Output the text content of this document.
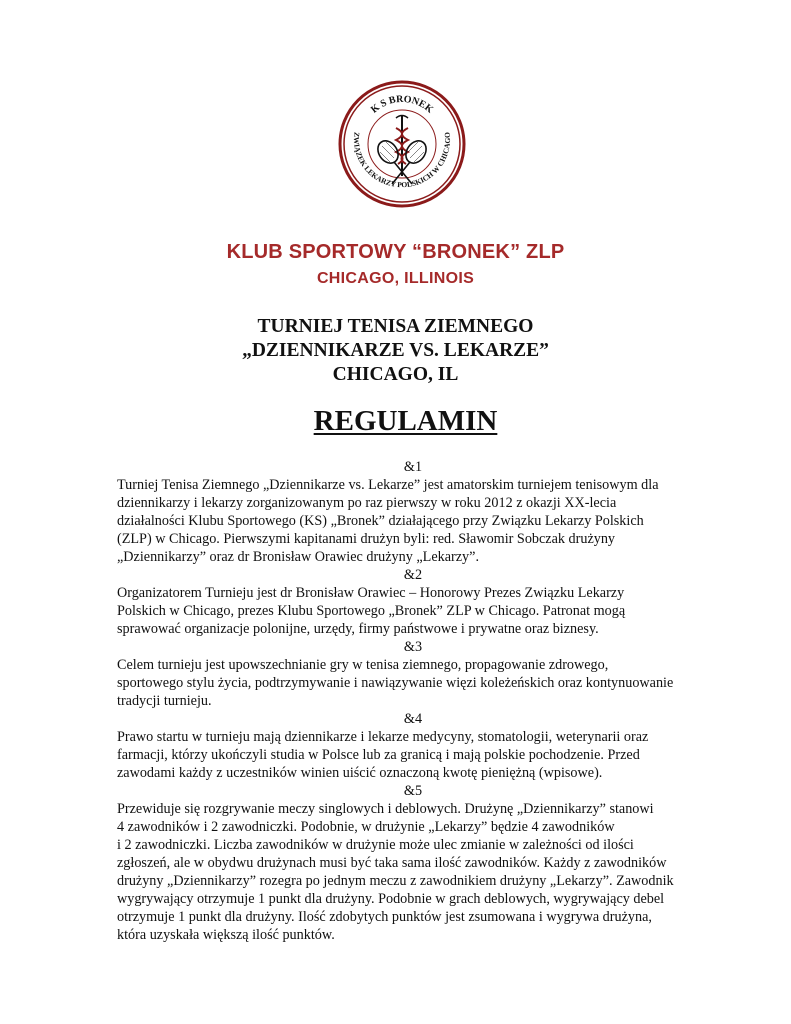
K S BRONEK
ZWIĄZEK LEKARZY POLSKICH W CHICAGO
KLUB SPORTOWY “BRONEK” ZLP
CHICAGO, ILLINOIS
TURNIEJ TENISA ZIEMNEGO
„DZIENNIKARZE VS. LEKARZE”
CHICAGO, IL
REGULAMIN
&1
Turniej Tenisa Ziemnego „Dziennikarze vs. Lekarze” jest amatorskim turniejem tenisowym dla
dziennikarzy i lekarzy zorganizowanym po raz pierwszy w roku 2012 z okazji XX-lecia
działalności Klubu Sportowego (KS) „Bronek” działającego przy Związku Lekarzy Polskich
(ZLP) w Chicago. Pierwszymi kapitanami drużyn byli: red. Sławomir Sobczak drużyny
„Dziennikarzy” oraz dr Bronisław Orawiec drużyny „Lekarzy”.
&2
Organizatorem Turnieju jest dr Bronisław Orawiec – Honorowy Prezes Związku Lekarzy
Polskich w Chicago, prezes Klubu Sportowego „Bronek” ZLP w Chicago. Patronat mogą
sprawować organizacje polonijne, urzędy, firmy państwowe i prywatne oraz biznesy.
&3
Celem turnieju jest upowszechnianie gry w tenisa ziemnego, propagowanie zdrowego,
sportowego stylu życia, podtrzymywanie i nawiązywanie więzi koleżeńskich oraz kontynuowanie
tradycji turnieju.
&4
Prawo startu w turnieju mają dziennikarze i lekarze medycyny, stomatologii, weterynarii oraz
farmacji, którzy ukończyli studia w Polsce lub za granicą i mają polskie pochodzenie. Przed
zawodami każdy z uczestników winien uiścić oznaczoną kwotę pieniężną (wpisowe).
&5
Przewiduje się rozgrywanie meczy singlowych i deblowych. Drużynę „Dziennikarzy” stanowi
4 zawodników i 2 zawodniczki. Podobnie, w drużynie „Lekarzy” będzie 4 zawodników
i 2 zawodniczki. Liczba zawodników w drużynie może ulec zmianie w zależności od ilości
zgłoszeń, ale w obydwu drużynach musi być taka sama ilość zawodników. Każdy z zawodników
drużyny „Dziennikarzy” rozegra po jednym meczu z zawodnikiem drużyny „Lekarzy”. Zawodnik
wygrywający otrzymuje 1 punkt dla drużyny. Podobnie w grach deblowych, wygrywający debel
otrzymuje 1 punkt dla drużyny. Ilość zdobytych punktów jest zsumowana i wygrywa drużyna,
która uzyskała większą ilość punktów.
